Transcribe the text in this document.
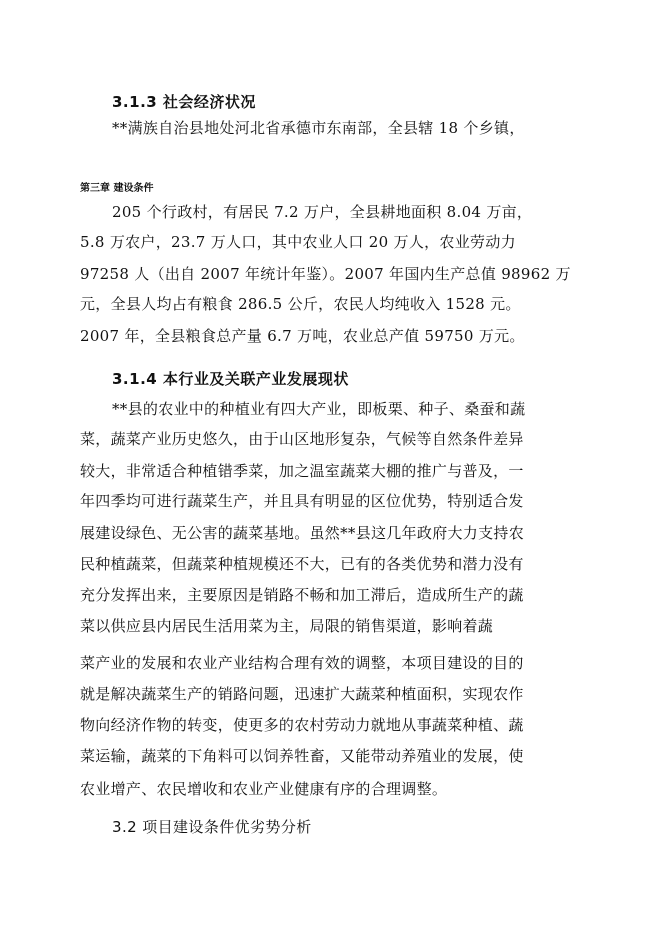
3.1.3 社会经济状况
**满族自治县地处河北省承德市东南部，全县辖 18 个乡镇，
第三章 建设条件
205 个行政村，有居民 7.2 万户，全县耕地面积 8.04 万亩，
5.8 万农户，23.7 万人口，其中农业人口 20 万人，农业劳动力
97258 人（出自 2007 年统计年鉴）。2007 年国内生产总值 98962 万
元，全县人均占有粮食 286.5 公斤，农民人均纯收入 1528 元。
2007 年，全县粮食总产量 6.7 万吨，农业总产值 59750 万元。
3.1.4 本行业及关联产业发展现状
**县的农业中的种植业有四大产业，即板栗、种子、桑蚕和蔬
菜，蔬菜产业历史悠久，由于山区地形复杂，气候等自然条件差异
较大，非常适合种植错季菜，加之温室蔬菜大棚的推广与普及，一
年四季均可进行蔬菜生产，并且具有明显的区位优势，特别适合发
展建设绿色、无公害的蔬菜基地。虽然**县这几年政府大力支持农
民种植蔬菜，但蔬菜种植规模还不大，已有的各类优势和潜力没有
充分发挥出来，主要原因是销路不畅和加工滞后，造成所生产的蔬
菜以供应县内居民生活用菜为主，局限的销售渠道，影响着蔬
菜产业的发展和农业产业结构合理有效的调整，本项目建设的目的
就是解决蔬菜生产的销路问题，迅速扩大蔬菜种植面积，实现农作
物向经济作物的转变，使更多的农村劳动力就地从事蔬菜种植、蔬
菜运输，蔬菜的下角料可以饲养牲畜，又能带动养殖业的发展，使
农业增产、农民增收和农业产业健康有序的合理调整。
3.2 项目建设条件优劣势分析
